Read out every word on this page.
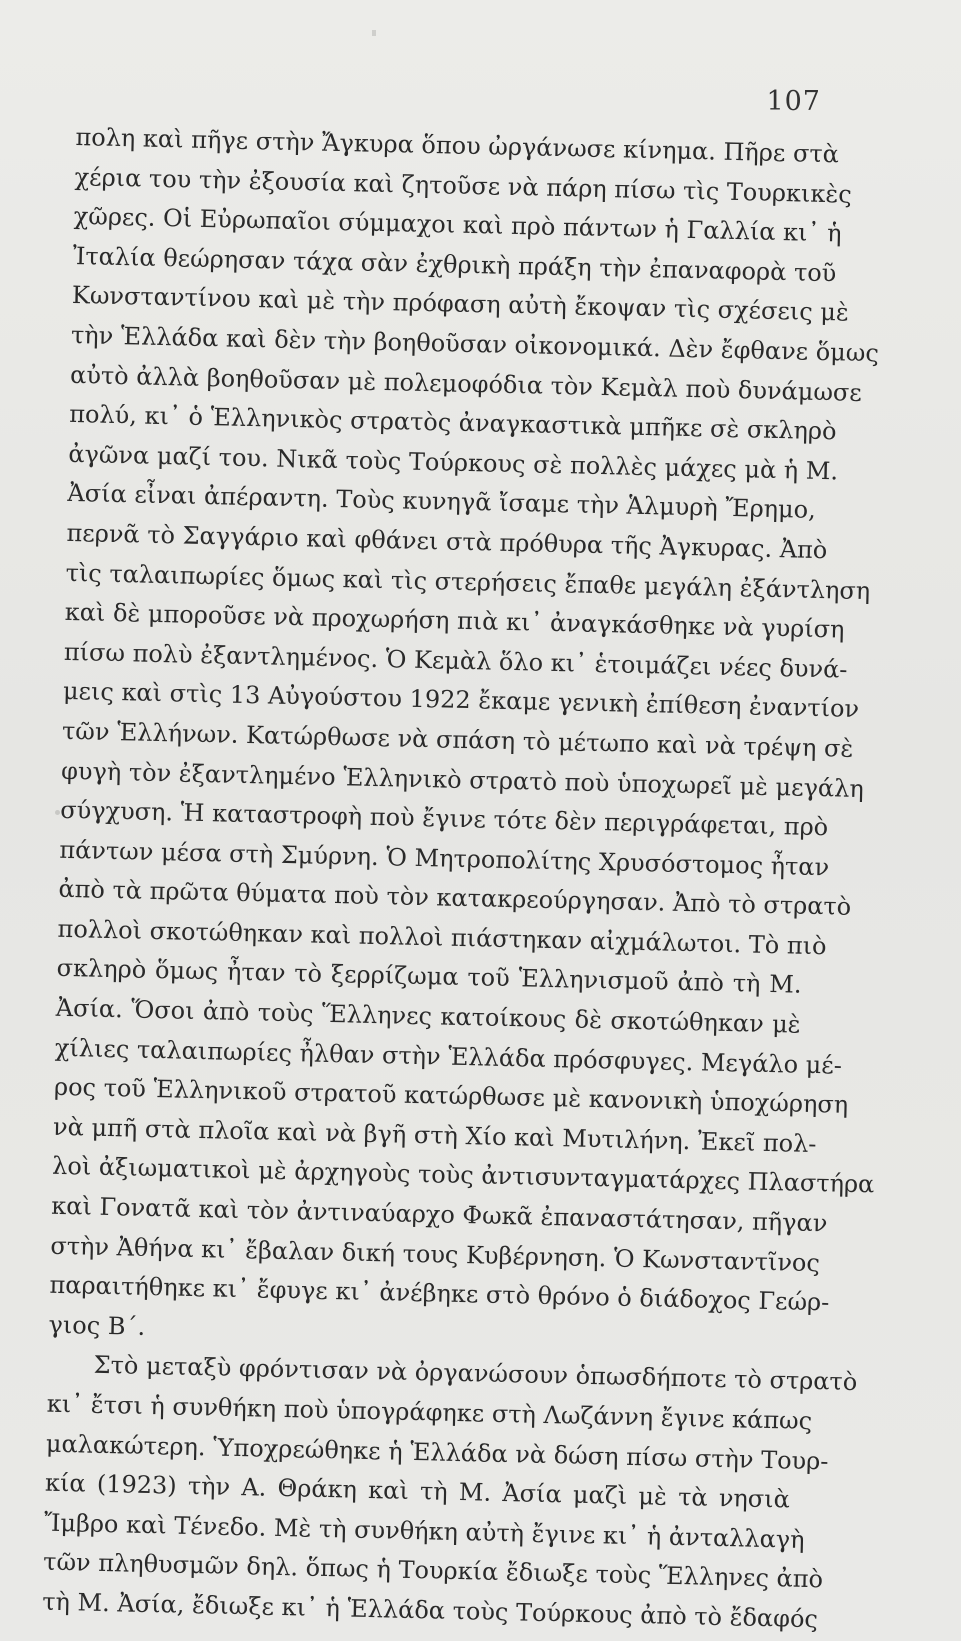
107
πολη καὶ πῆγε στὴν Ἄγκυρα ὅπου ὠργάνωσε κίνημα. Πῆρε στὰ
χέρια του τὴν ἐξουσία καὶ ζητοῦσε νὰ πάρη πίσω τὶς Τουρκικὲς
χῶρες. Οἱ Εὐρωπαῖοι σύμμαχοι καὶ πρὸ πάντων ἡ Γαλλία κι᾿ ἡ
Ἰταλία θεώρησαν τάχα σὰν ἐχθρικὴ πράξη τὴν ἐπαναφορὰ τοῦ
Κωνσταντίνου καὶ μὲ τὴν πρόφαση αὐτὴ ἔκοψαν τὶς σχέσεις μὲ
τὴν Ἑλλάδα καὶ δὲν τὴν βοηθοῦσαν οἰκονομικά. Δὲν ἔφθανε ὅμως
αὐτὸ ἀλλὰ βοηθοῦσαν μὲ πολεμοφόδια τὸν Κεμὰλ ποὺ δυνάμωσε
πολύ, κι᾿ ὁ Ἑλληνικὸς στρατὸς ἀναγκαστικὰ μπῆκε σὲ σκληρὸ
ἀγῶνα μαζί του. Νικᾶ τοὺς Τούρκους σὲ πολλὲς μάχες μὰ ἡ Μ.
Ἀσία εἶναι ἀπέραντη. Τοὺς κυνηγᾶ ἴσαμε τὴν Ἁλμυρὴ Ἔρημο,
περνᾶ τὸ Σαγγάριο καὶ φθάνει στὰ πρόθυρα τῆς Ἀγκυρας. Ἀπὸ
τὶς ταλαιπωρίες ὅμως καὶ τὶς στερήσεις ἔπαθε μεγάλη ἐξάντληση
καὶ δὲ μποροῦσε νὰ προχωρήση πιὰ κι᾿ ἀναγκάσθηκε νὰ γυρίση
πίσω πολὺ ἐξαντλημένος. Ὁ Κεμὰλ ὅλο κι᾿ ἑτοιμάζει νέες δυνά-
μεις καὶ στὶς 13 Αὐγούστου 1922 ἔκαμε γενικὴ ἐπίθεση ἐναντίον
τῶν Ἑλλήνων. Κατώρθωσε νὰ σπάση τὸ μέτωπο καὶ νὰ τρέψη σὲ
φυγὴ τὸν ἐξαντλημένο Ἑλληνικὸ στρατὸ ποὺ ὑποχωρεῖ μὲ μεγάλη
σύγχυση. Ἡ καταστροφὴ ποὺ ἔγινε τότε δὲν περιγράφεται, πρὸ
πάντων μέσα στὴ Σμύρνη. Ὁ Μητροπολίτης Χρυσόστομος ἦταν
ἀπὸ τὰ πρῶτα θύματα ποὺ τὸν κατακρεούργησαν. Ἀπὸ τὸ στρατὸ
πολλοὶ σκοτώθηκαν καὶ πολλοὶ πιάστηκαν αἰχμάλωτοι. Τὸ πιὸ
σκληρὸ ὅμως ἦταν τὸ ξερρίζωμα τοῦ Ἑλληνισμοῦ ἀπὸ τὴ Μ.
Ἀσία. Ὅσοι ἀπὸ τοὺς Ἕλληνες κατοίκους δὲ σκοτώθηκαν μὲ
χίλιες ταλαιπωρίες ἦλθαν στὴν Ἑλλάδα πρόσφυγες. Μεγάλο μέ-
ρος τοῦ Ἑλληνικοῦ στρατοῦ κατώρθωσε μὲ κανονικὴ ὑποχώρηση
νὰ μπῆ στὰ πλοῖα καὶ νὰ βγῆ στὴ Χίο καὶ Μυτιλήνη. Ἐκεῖ πολ-
λοὶ ἀξιωματικοὶ μὲ ἀρχηγοὺς τοὺς ἀντισυνταγματάρχες Πλαστήρα
καὶ Γονατᾶ καὶ τὸν ἀντιναύαρχο Φωκᾶ ἐπαναστάτησαν, πῆγαν
στὴν Ἀθήνα κι᾿ ἔβαλαν δική τους Κυβέρνηση. Ὁ Κωνσταντῖνος
παραιτήθηκε κι᾿ ἔφυγε κι᾿ ἀνέβηκε στὸ θρόνο ὁ διάδοχος Γεώρ-
γιος Β΄.
Στὸ μεταξὺ φρόντισαν νὰ ὀργανώσουν ὁπωσδήποτε τὸ στρατὸ
κι᾿ ἔτσι ἡ συνθήκη ποὺ ὑπογράφηκε στὴ Λωζάννη ἔγινε κάπως
μαλακώτερη. Ὑποχρεώθηκε ἡ Ἑλλάδα νὰ δώση πίσω στὴν Τουρ-
κία (1923) τὴν Α. Θράκη καὶ τὴ Μ. Ἀσία μαζὶ μὲ τὰ νησιὰ
Ἴμβρο καὶ Τένεδο. Μὲ τὴ συνθήκη αὐτὴ ἔγινε κι᾿ ἡ ἀνταλλαγὴ
τῶν πληθυσμῶν δηλ. ὅπως ἡ Τουρκία ἔδιωξε τοὺς Ἕλληνες ἀπὸ
τὴ Μ. Ἀσία, ἔδιωξε κι᾿ ἡ Ἑλλάδα τοὺς Τούρκους ἀπὸ τὸ ἔδαφός
